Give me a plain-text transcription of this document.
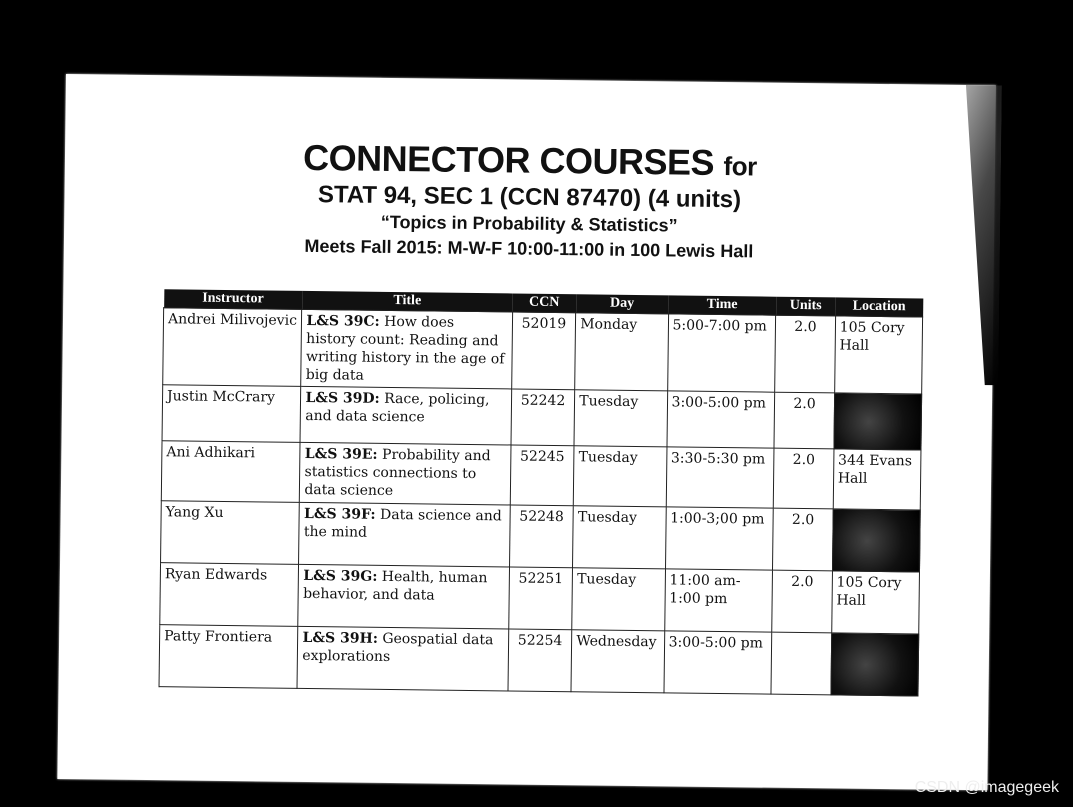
CONNECTOR COURSES for
STAT 94, SEC 1 (CCN 87470) (4 units)
“Topics in Probability & Statistics”
Meets Fall 2015: M-W-F 10:00-11:00 in 100 Lewis Hall
Instructor	Title	CCN	Day	Time	Units	Location
Andrei Milivojevic	L&S 39C: How does history count: Reading and writing history in the age of big data	52019	Monday	5:00-7:00 pm	2.0	105 Cory Hall
Justin McCrary	L&S 39D: Race, policing, and data science	52242	Tuesday	3:00-5:00 pm	2.0	
Ani Adhikari	L&S 39E: Probability and statistics connections to data science	52245	Tuesday	3:30-5:30 pm	2.0	344 Evans Hall
Yang Xu	L&S 39F: Data science and the mind	52248	Tuesday	1:00-3;00 pm	2.0	
Ryan Edwards	L&S 39G: Health, human behavior, and data	52251	Tuesday	11:00 am-1:00 pm	2.0	105 Cory Hall
Patty Frontiera	L&S 39H: Geospatial data explorations	52254	Wednesday	3:00-5:00 pm		
CSDN @imagegeek
